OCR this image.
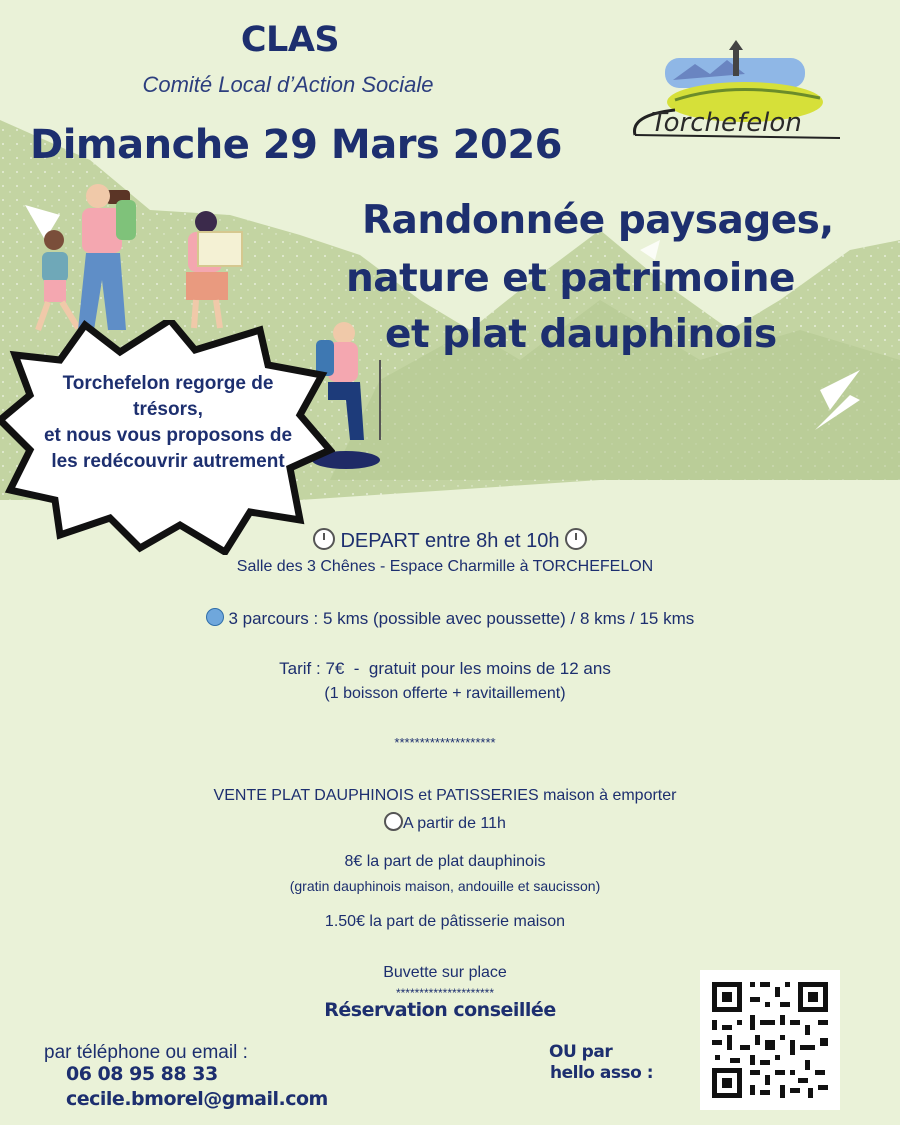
CLAS
Comité Local d’Action Sociale
Dimanche 29 Mars 2026	Torchefelon
Randonnée paysages,
nature et patrimoine
et plat dauphinois
Torchefelon regorge de
trésors,
et nous vous proposons de
les redécouvrir autrement
DEPART entre 8h et 10h
Salle des 3 Chênes - Espace Charmille à TORCHEFELON
3 parcours : 5 kms (possible avec poussette) / 8 kms / 15 kms
Tarif : 7€  -  gratuit pour les moins de 12 ans
(1 boisson offerte + ravitaillement)
********************
VENTE PLAT DAUPHINOIS et PATISSERIES maison à emporter
A partir de 11h
8€ la part de plat dauphinois
(gratin dauphinois maison, andouille et saucisson)
1.50€ la part de pâtisserie maison
Buvette sur place
*********************
Réservation conseillée
par téléphone ou email :
06 08 95 88 33
cecile.bmorel@gmail.com
OU par
hello asso :
